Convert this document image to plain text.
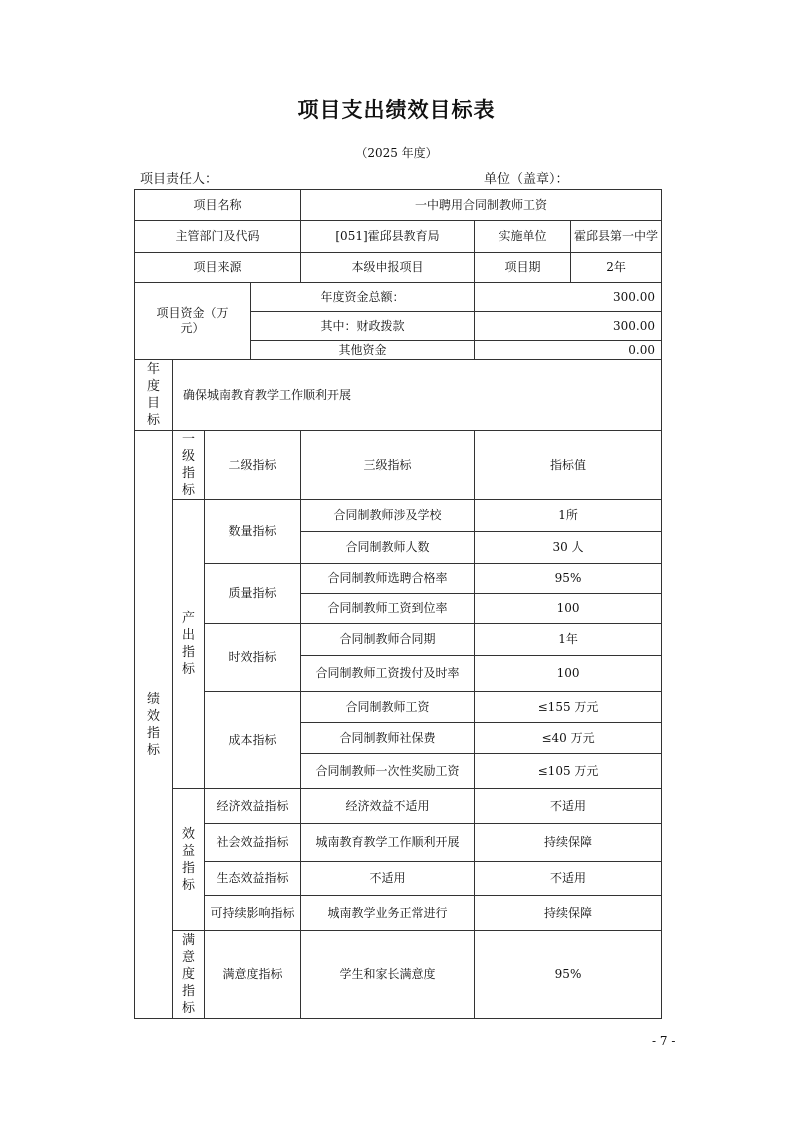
项目支出绩效目标表
（2025 年度）
项目责任人：	单位（盖章）：
项目名称				一中聘用合同制教师工资		
主管部门及代码				[051]霍邱县教育局	实施单位	霍邱县第一中学
项目来源				本级申报项目	项目期	2年
项目资金（万元）			年度资金总额：		300.00	
			其中：财政拨款		300.00	
			其他资金		0.00	
年度目标	确保城南教育教学工作顺利开展					
绩效指标	一级指标	二级指标		三级指标	指标值	
	产出指标	数量指标		合同制教师涉及学校	1所	
				合同制教师人数	30 人	
		质量指标		合同制教师选聘合格率	95%	
				合同制教师工资到位率	100	
		时效指标		合同制教师合同期	1年	
				合同制教师工资拨付及时率	100	
		成本指标		合同制教师工资	≤155 万元	
				合同制教师社保费	≤40 万元	
				合同制教师一次性奖励工资	≤105 万元	
	效益指标	经济效益指标		经济效益不适用	不适用	
		社会效益指标		城南教育教学工作顺利开展	持续保障	
		生态效益指标		不适用	不适用	
		可持续影响指标		城南教学业务正常进行	持续保障	
	满意度指标	满意度指标		学生和家长满意度	95%	
- 7 -
